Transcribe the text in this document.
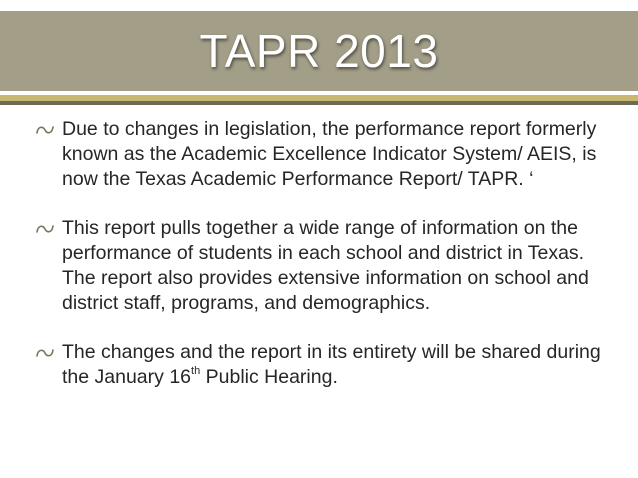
TAPR 2013
Due to changes in legislation, the performance report formerly known as the Academic Excellence Indicator System/ AEIS, is now the Texas Academic Performance Report/ TAPR. ‘
This report pulls together a wide range of information on the performance of students in each school and district in Texas. The report also provides extensive information on school and district staff, programs, and demographics.
The changes and the report in its entirety will be shared during the January 16th Public Hearing.
